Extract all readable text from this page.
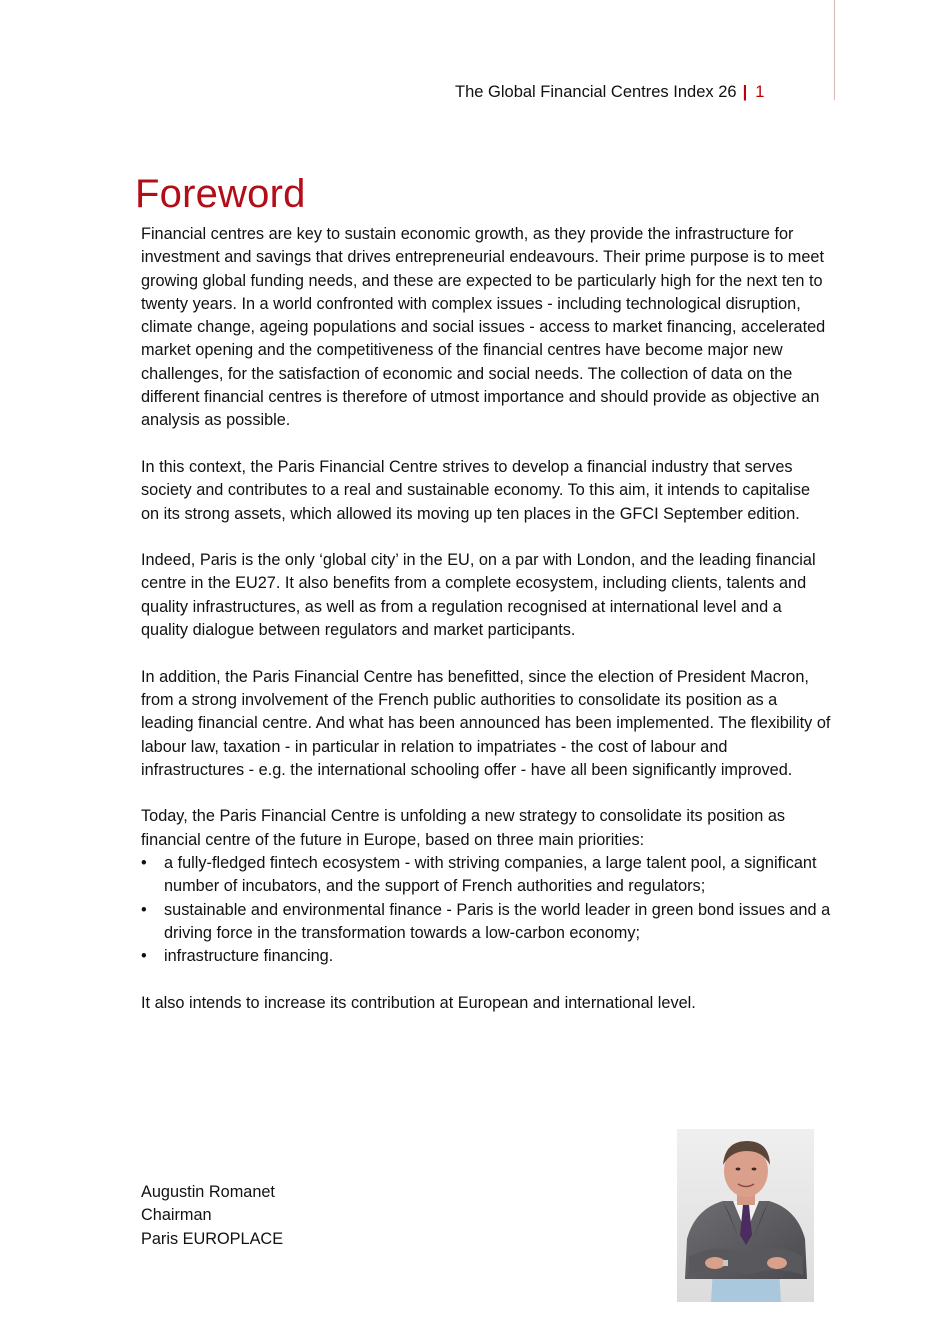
The Global Financial Centres Index 26 | 1
Foreword

Financial centres are key to sustain economic growth, as they provide the infrastructure for investment and savings that drives entrepreneurial endeavours. Their prime purpose is to meet growing global funding needs, and these are expected to be particularly high for the next ten to twenty years. In a world confronted with complex issues - including technological disruption, climate change, ageing populations and social issues - access to market financing, accelerated market opening and the competitiveness of the financial centres have become major new challenges, for the satisfaction of economic and social needs. The collection of data on the different financial centres is therefore of utmost importance and should provide as objective an analysis as possible.

In this context, the Paris Financial Centre strives to develop a financial industry that serves society and contributes to a real and sustainable economy. To this aim, it intends to capitalise on its strong assets, which allowed its moving up ten places in the GFCI September edition.

Indeed, Paris is the only ‘global city’ in the EU, on a par with London, and the leading financial centre in the EU27. It also benefits from a complete ecosystem, including clients, talents and quality infrastructures, as well as from a regulation recognised at international level and a quality dialogue between regulators and market participants.

In addition, the Paris Financial Centre has benefitted, since the election of President Macron, from a strong involvement of the French public authorities to consolidate its position as a leading financial centre. And what has been announced has been implemented. The flexibility of labour law, taxation - in particular in relation to impatriates - the cost of labour and infrastructures - e.g. the international schooling offer - have all been significantly improved.

Today, the Paris Financial Centre is unfolding a new strategy to consolidate its position as financial centre of the future in Europe, based on three main priorities:
• a fully-fledged fintech ecosystem - with striving companies, a large talent pool, a significant number of incubators, and the support of French authorities and regulators;
• sustainable and environmental finance - Paris is the world leader in green bond issues and a driving force in the transformation towards a low-carbon economy;
• infrastructure financing.

It also intends to increase its contribution at European and international level.

Augustin Romanet
Chairman
Paris EUROPLACE
